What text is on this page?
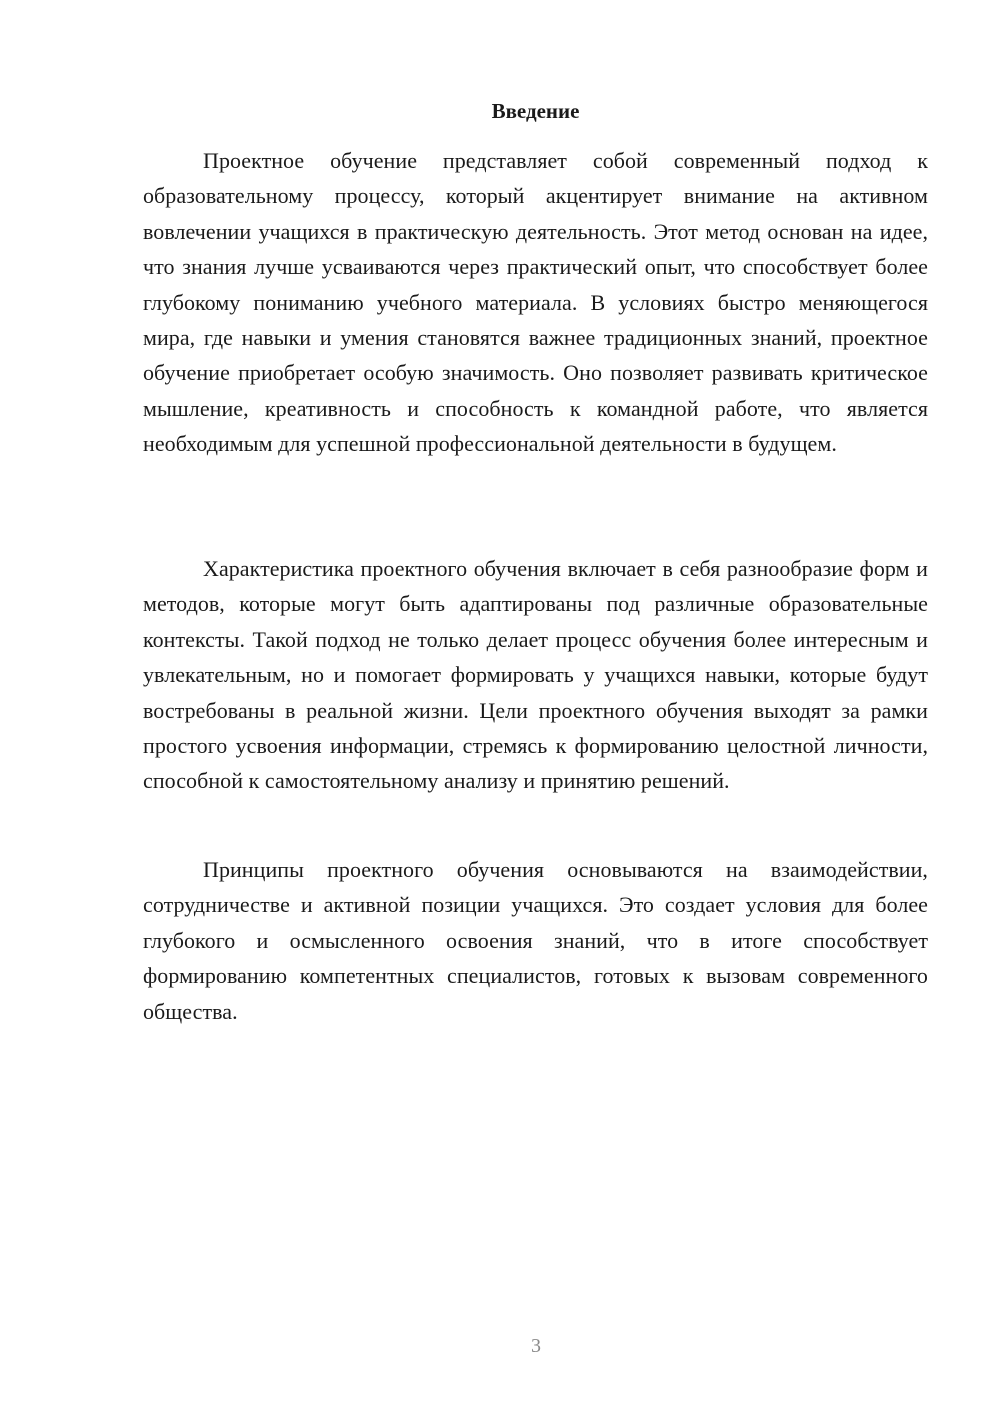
Введение

Проектное обучение представляет собой современный подход к образовательному процессу, который акцентирует внимание на активном вовлечении учащихся в практическую деятельность. Этот метод основан на идее, что знания лучше усваиваются через практический опыт, что способствует более глубокому пониманию учебного материала. В условиях быстро меняющегося мира, где навыки и умения становятся важнее традиционных знаний, проектное обучение приобретает особую значимость. Оно позволяет развивать критическое мышление, креативность и способность к командной работе, что является необходимым для успешной профессиональной деятельности в будущем.

Характеристика проектного обучения включает в себя разнообразие форм и методов, которые могут быть адаптированы под различные образовательные контексты. Такой подход не только делает процесс обучения более интересным и увлекательным, но и помогает формировать у учащихся навыки, которые будут востребованы в реальной жизни. Цели проектного обучения выходят за рамки простого усвоения информации, стремясь к формированию целостной личности, способной к самостоятельному анализу и принятию решений.

Принципы проектного обучения основываются на взаимодействии, сотрудничестве и активной позиции учащихся. Это создает условия для более глубокого и осмысленного освоения знаний, что в итоге способствует формированию компетентных специалистов, готовых к вызовам современного общества.

3
